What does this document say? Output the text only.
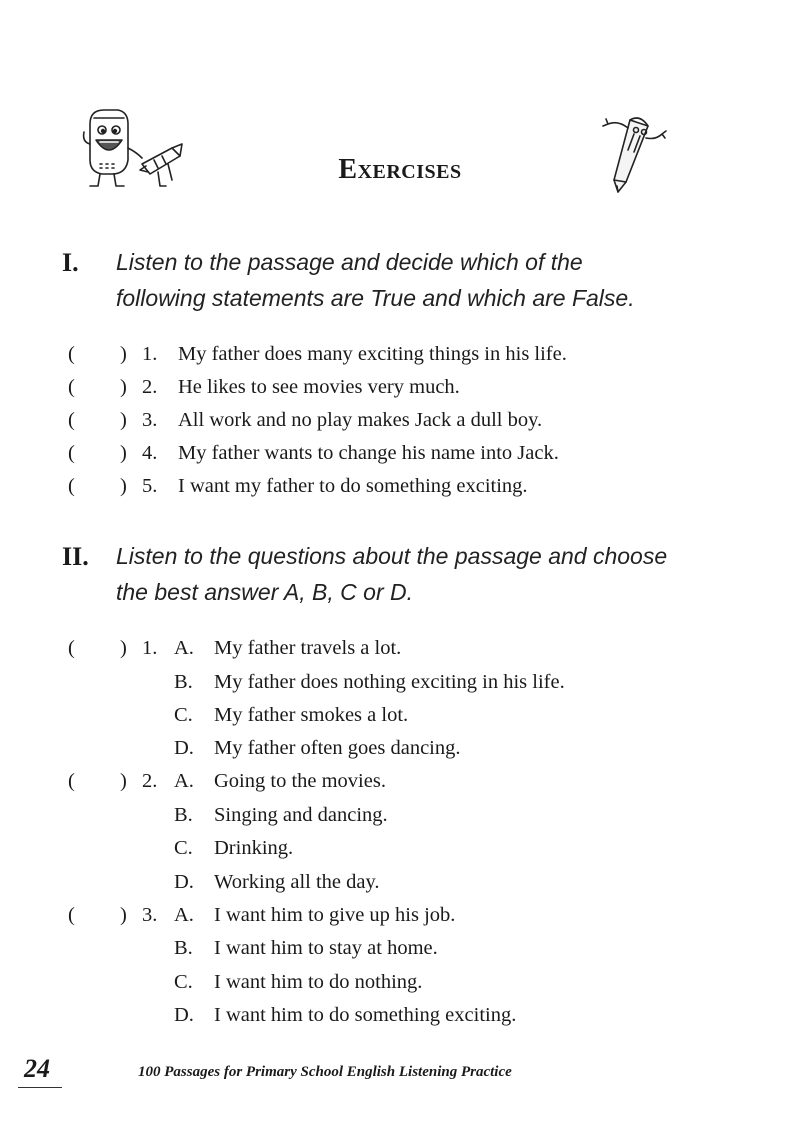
EXERCISES
I. Listen to the passage and decide which of the
following statements are True and which are False.
( ) 1. My father does many exciting things in his life.
( ) 2. He likes to see movies very much.
( ) 3. All work and no play makes Jack a dull boy.
( ) 4. My father wants to change his name into Jack.
( ) 5. I want my father to do something exciting.
II. Listen to the questions about the passage and choose
the best answer A, B, C or D.
( ) 1. A. My father travels a lot.
B. My father does nothing exciting in his life.
C. My father smokes a lot.
D. My father often goes dancing.
( ) 2. A. Going to the movies.
B. Singing and dancing.
C. Drinking.
D. Working all the day.
( ) 3. A. I want him to give up his job.
B. I want him to stay at home.
C. I want him to do nothing.
D. I want him to do something exciting.
24	100 Passages for Primary School English Listening Practice
